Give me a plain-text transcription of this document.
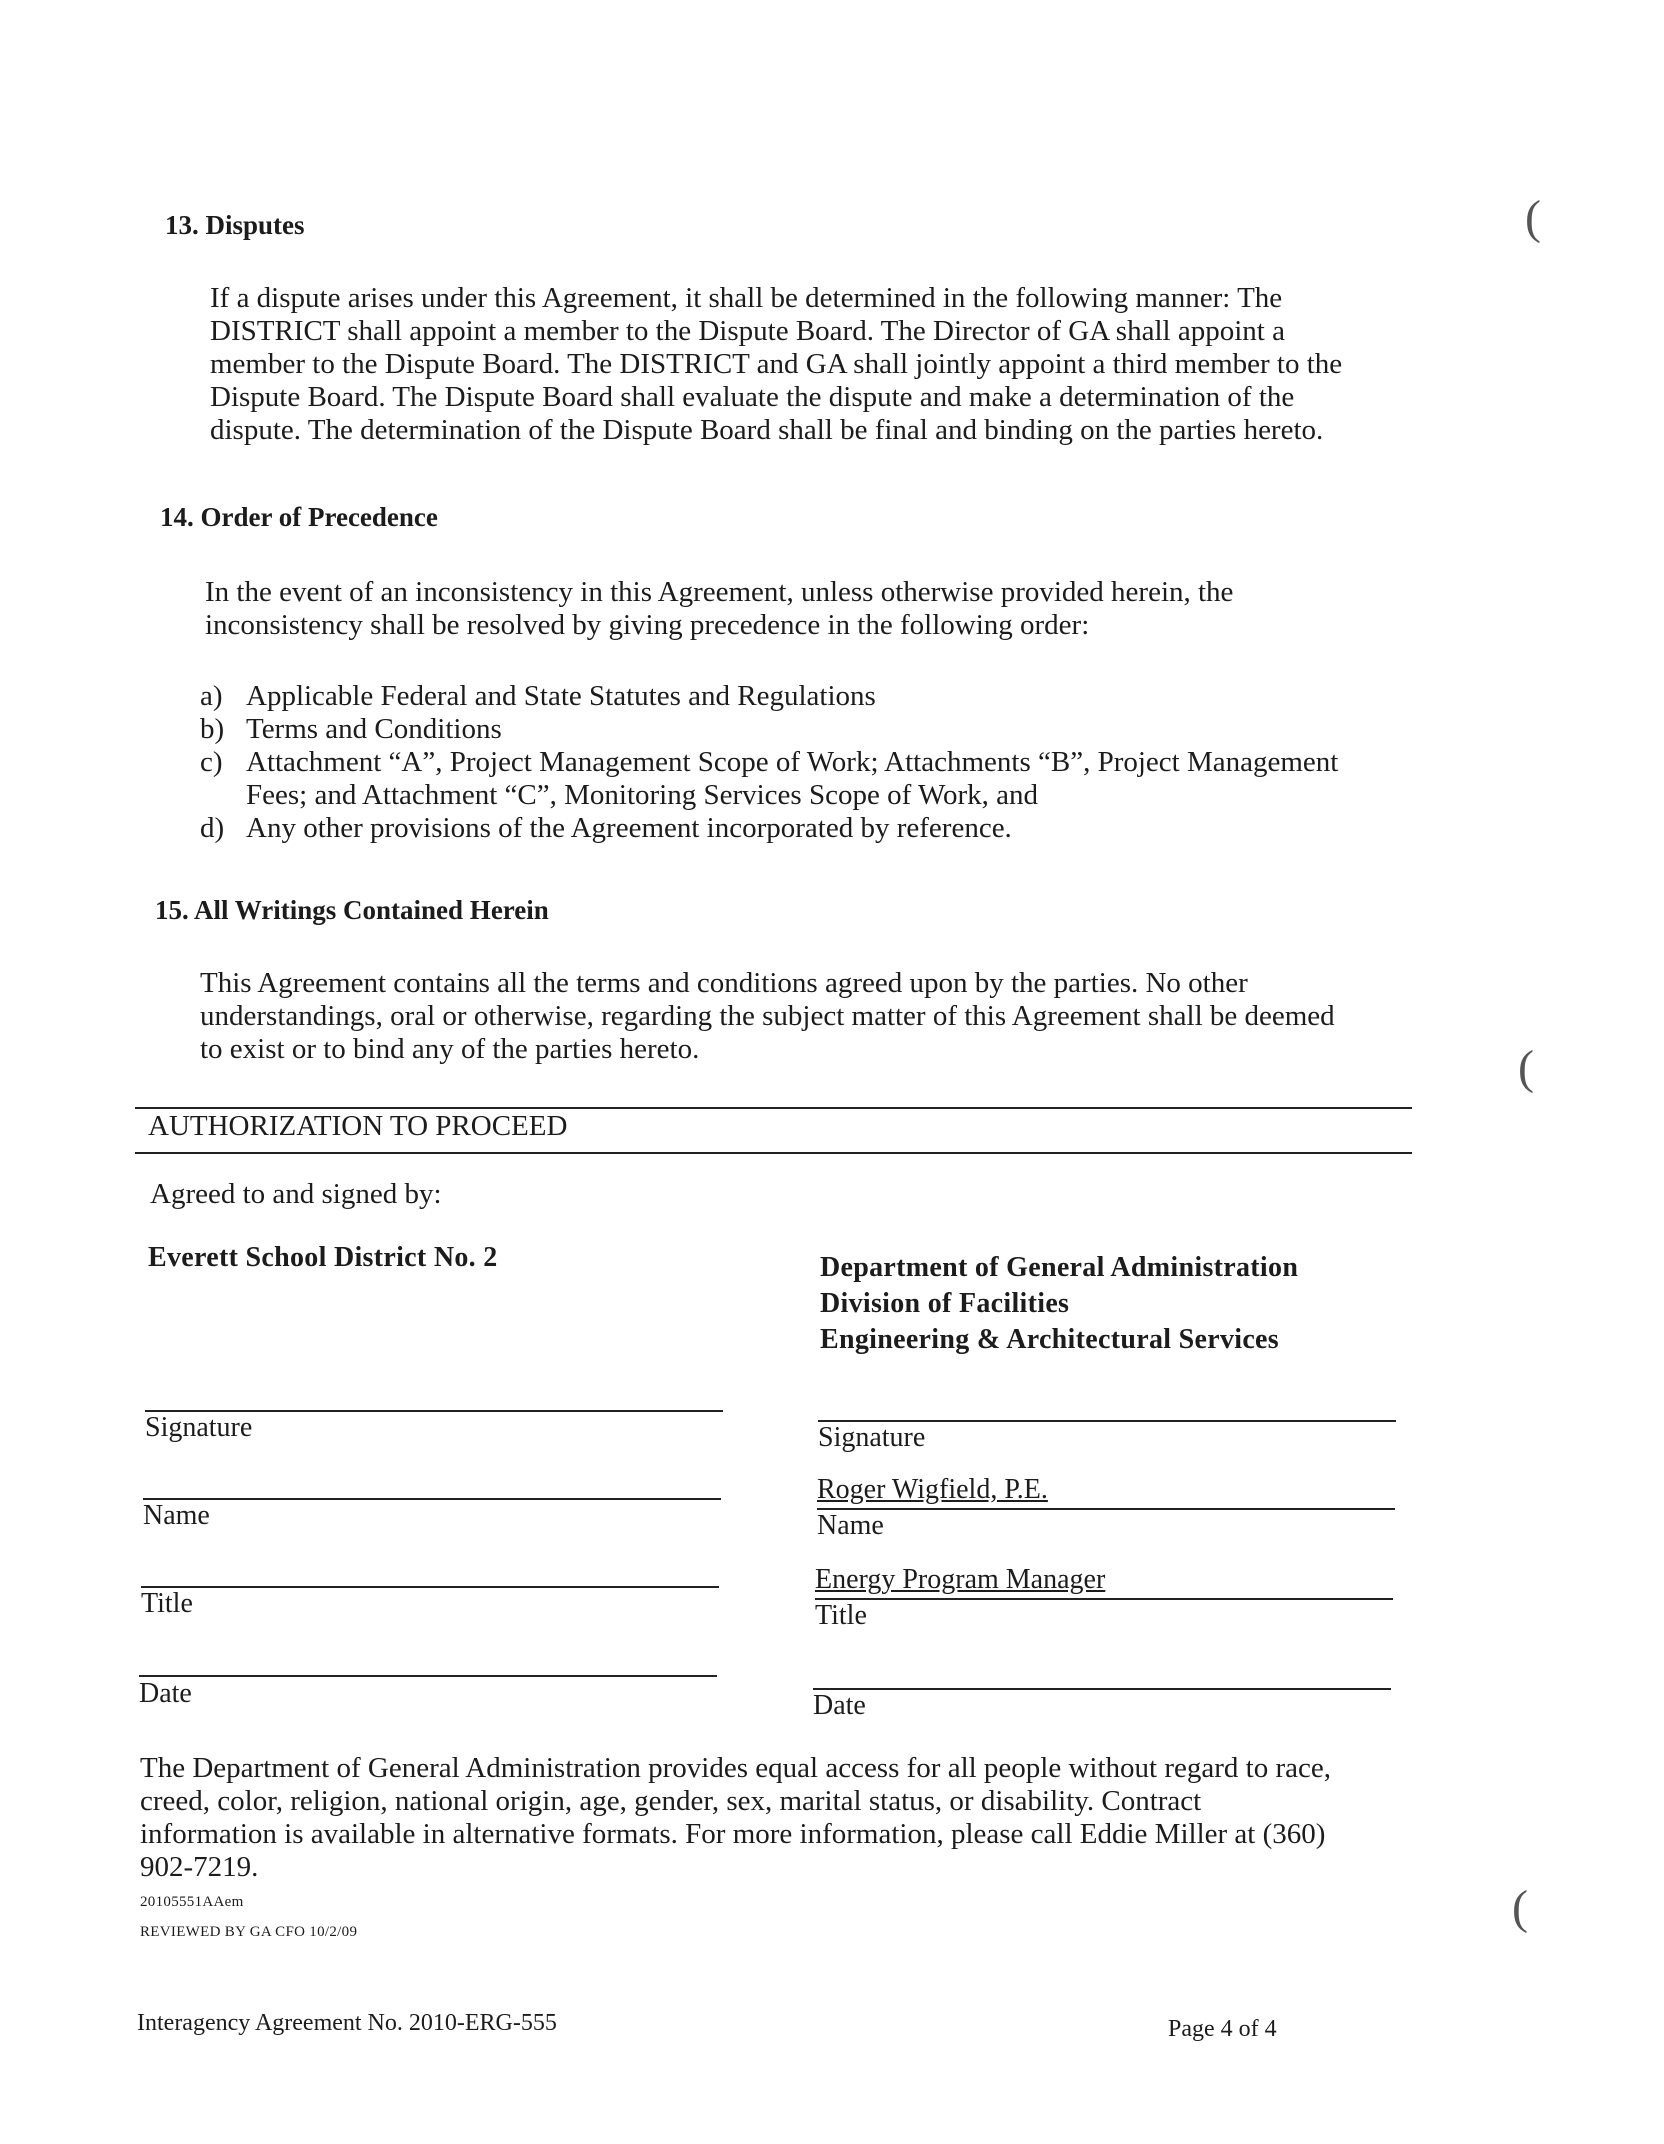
13. Disputes
If a dispute arises under this Agreement, it shall be determined in the following manner: The
DISTRICT shall appoint a member to the Dispute Board. The Director of GA shall appoint a
member to the Dispute Board. The DISTRICT and GA shall jointly appoint a third member to the
Dispute Board. The Dispute Board shall evaluate the dispute and make a determination of the
dispute. The determination of the Dispute Board shall be final and binding on the parties hereto.
14. Order of Precedence
In the event of an inconsistency in this Agreement, unless otherwise provided herein, the
inconsistency shall be resolved by giving precedence in the following order:
a) Applicable Federal and State Statutes and Regulations
b) Terms and Conditions
c) Attachment “A”, Project Management Scope of Work; Attachments “B”, Project Management
Fees; and Attachment “C”, Monitoring Services Scope of Work, and
d) Any other provisions of the Agreement incorporated by reference.
15. All Writings Contained Herein
This Agreement contains all the terms and conditions agreed upon by the parties. No other
understandings, oral or otherwise, regarding the subject matter of this Agreement shall be deemed
to exist or to bind any of the parties hereto.
AUTHORIZATION TO PROCEED
Agreed to and signed by:
Everett School District No. 2
Signature
Name
Title
Date
Department of General Administration
Division of Facilities
Engineering & Architectural Services
Signature
Roger Wigfield, P.E.
Name
Energy Program Manager
Title
Date
The Department of General Administration provides equal access for all people without regard to race,
creed, color, religion, national origin, age, gender, sex, marital status, or disability. Contract
information is available in alternative formats. For more information, please call Eddie Miller at (360)
902-7219.
20105551AAem
REVIEWED BY GA CFO 10/2/09
Interagency Agreement No. 2010-ERG-555	Page 4 of 4
(
(
(
